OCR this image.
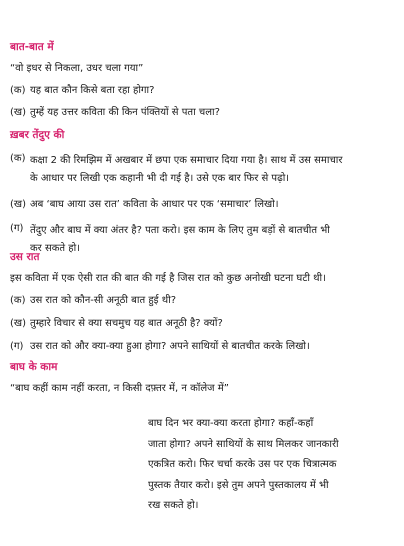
बात-बात में
“वो इधर से निकला, उधर चला गया”
(क) यह बात कौन किसे बता रहा होगा?
(ख) तुम्हें यह उत्तर कविता की किन पंक्तियों से पता चला?
ख़बर तेंदुए की
(क) कक्षा 2 की रिमझिम में अखबार में छपा एक समाचार दिया गया है। साथ में उस समाचार
के आधार पर लिखी एक कहानी भी दी गई है। उसे एक बार फिर से पढ़ो।
(ख) अब ‘बाघ आया उस रात’ कविता के आधार पर एक ‘समाचार’ लिखो।
(ग) तेंदुए और बाघ में क्या अंतर है? पता करो। इस काम के लिए तुम बड़ों से बातचीत भी
कर सकते हो।
उस रात
इस कविता में एक ऐसी रात की बात की गई है जिस रात को कुछ अनोखी घटना घटी थी।
(क) उस रात को कौन-सी अनूठी बात हुई थी?
(ख) तुम्हारे विचार से क्या सचमुच यह बात अनूठी है? क्यों?
(ग) उस रात को और क्या-क्या हुआ होगा? अपने साथियों से बातचीत करके लिखो।
बाघ के काम
“बाघ कहीं काम नहीं करता, न किसी दफ़्तर में, न कॉलेज में”
बाघ दिन भर क्या-क्या करता होगा? कहाँ-कहाँ
जाता होगा? अपने साथियों के साथ मिलकर जानकारी
एकत्रित करो। फिर चर्चा करके उस पर एक चित्रात्मक
पुस्तक तैयार करो। इसे तुम अपने पुस्तकालय में भी
रख सकते हो।
